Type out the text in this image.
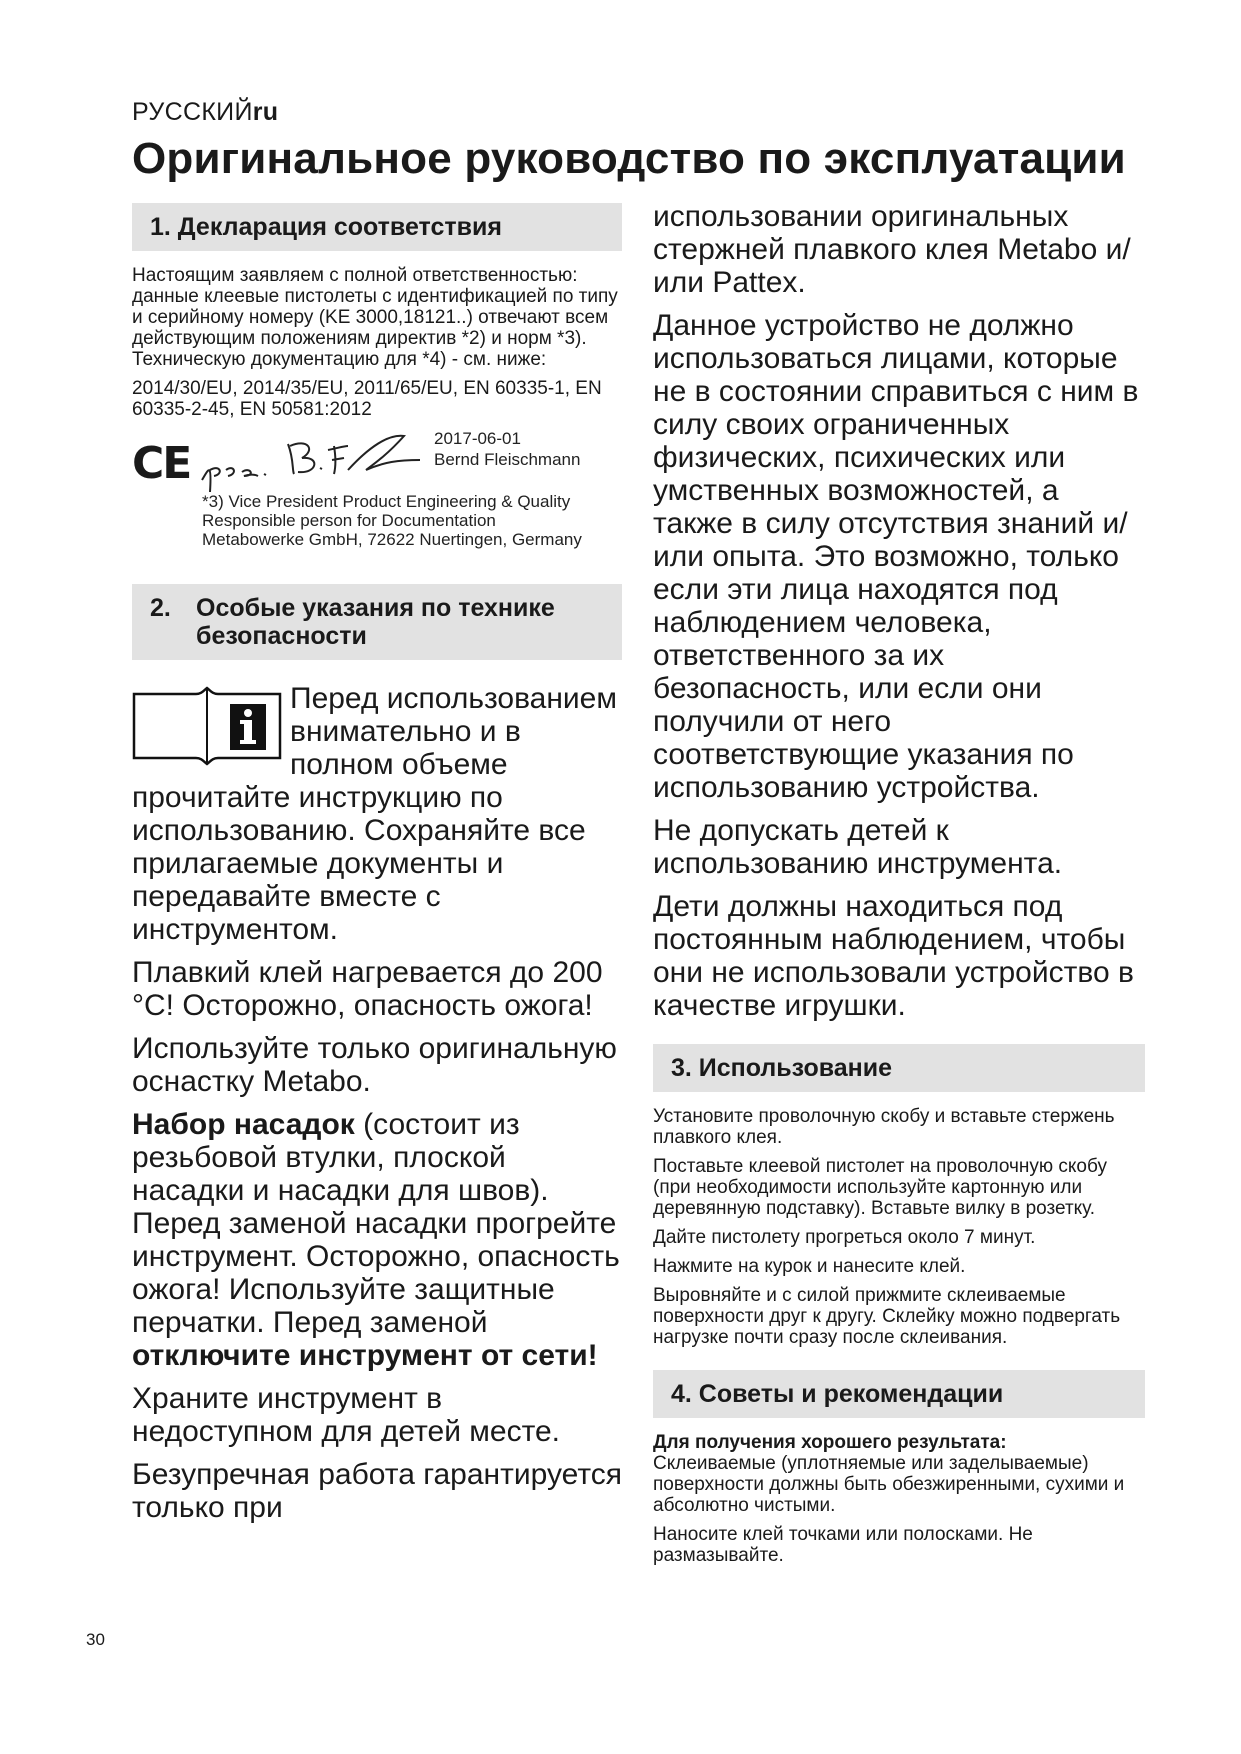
РУССКИЙru
Оригинальное руководство по эксплуатации
1. Декларация соответствия

Настоящим заявляем с полной ответственностью: данные клеевые пистолеты с идентификацией по типу и серийному номеру (KE 3000,18121..) отвечают всем действующим положениям директив *2) и норм *3). Техническую документацию для *4) - см. ниже:

2014/30/EU, 2014/35/EU, 2011/65/EU, EN 60335-1, EN 60335-2-45, EN 50581:2012

CE	2017-06-01
Bernd Fleischmann
*3) Vice President Product Engineering & Quality
Responsible person for Documentation
Metabowerke GmbH, 72622 Nuertingen, Germany
2.	Особые указания по технике безопасности

Перед использованием внимательно и в полном объеме прочитайте инструкцию по использованию. Сохраняйте все прилагаемые документы и передавайте вместе с инструментом.

Плавкий клей нагревается до 200 °C! Осторожно, опасность ожога!

Используйте только оригинальную оснастку Metabo.

Набор насадок (состоит из резьбовой втулки, плоской насадки и насадки для швов). Перед заменой насадки прогрейте инструмент. Осторожно, опасность ожога! Используйте защитные перчатки. Перед заменой отключите инструмент от сети!

Храните инструмент в недоступном для детей месте.

Безупречная работа гарантируется только при

использовании оригинальных стержней плавкого клея Metabo и/или Pattex.

Данное устройство не должно использоваться лицами, которые не в состоянии справиться с ним в силу своих ограниченных физических, психических или умственных возможностей, а также в силу отсутствия знаний и/или опыта. Это возможно, только если эти лица находятся под наблюдением человека, ответственного за их безопасность, или если они получили от него соответствующие указания по использованию устройства.

Не допускать детей к использованию инструмента.

Дети должны находиться под постоянным наблюдением, чтобы они не использовали устройство в качестве игрушки.

3. Использование

Установите проволочную скобу и вставьте стержень плавкого клея.

Поставьте клеевой пистолет на проволочную скобу (при необходимости используйте картонную или деревянную подставку). Вставьте вилку в розетку.

Дайте пистолету прогреться около 7 минут.

Нажмите на курок и нанесите клей.

Выровняйте и с силой прижмите склеиваемые поверхности друг к другу. Склейку можно подвергать нагрузке почти сразу после склеивания.

4. Советы и рекомендации

Для получения хорошего результата:
Склеиваемые (уплотняемые или заделываемые) поверхности должны быть обезжиренными, сухими и абсолютно чистыми.

Наносите клей точками или полосками. Не размазывайте.

30
